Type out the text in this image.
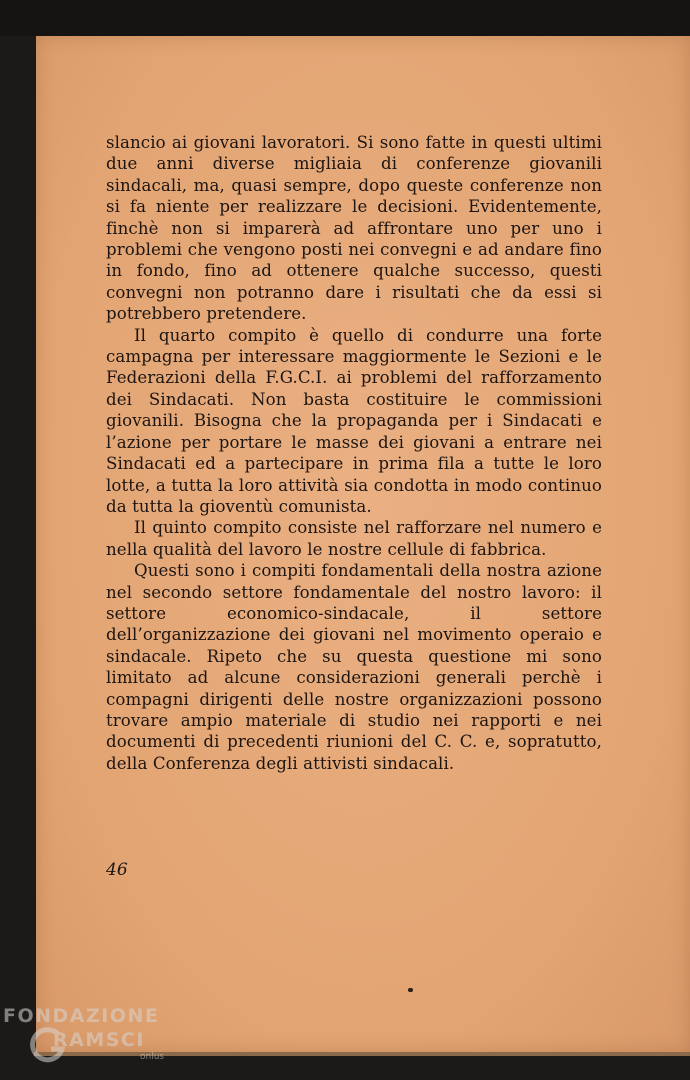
slancio ai giovani lavoratori. Si sono fatte in questi ultimi due anni diverse migliaia di conferenze giovanili sindacali, ma, quasi sempre, dopo queste conferenze non si fa niente per realizzare le decisioni. Evidentemente, finchè non si imparerà ad affrontare uno per uno i problemi che vengono posti nei convegni e ad andare fino in fondo, fino ad ottenere qualche successo, questi convegni non potranno dare i risultati che da essi si potrebbero pretendere.

Il quarto compito è quello di condurre una forte campagna per interessare maggiormente le Sezioni e le Federazioni della F.G.C.I. ai problemi del rafforzamento dei Sindacati. Non basta costituire le commissioni giovanili. Bisogna che la propaganda per i Sindacati e l’azione per portare le masse dei giovani a entrare nei Sindacati ed a partecipare in prima fila a tutte le loro lotte, a tutta la loro attività sia condotta in modo continuo da tutta la gioventù comunista.

Il quinto compito consiste nel rafforzare nel numero e nella qualità del lavoro le nostre cellule di fabbrica.

Questi sono i compiti fondamentali della nostra azione nel secondo settore fondamentale del nostro lavoro: il settore economico-sindacale, il settore dell’organizzazione dei giovani nel movimento operaio e sindacale. Ripeto che su questa questione mi sono limitato ad alcune considerazioni generali perchè i compagni dirigenti delle nostre organizzazioni possono trovare ampio materiale di studio nei rapporti e nei documenti di precedenti riunioni del C. C. e, sopratutto, della Conferenza degli attivisti sindacali.

46
FONDAZIONE
RAMSCI
onlus
